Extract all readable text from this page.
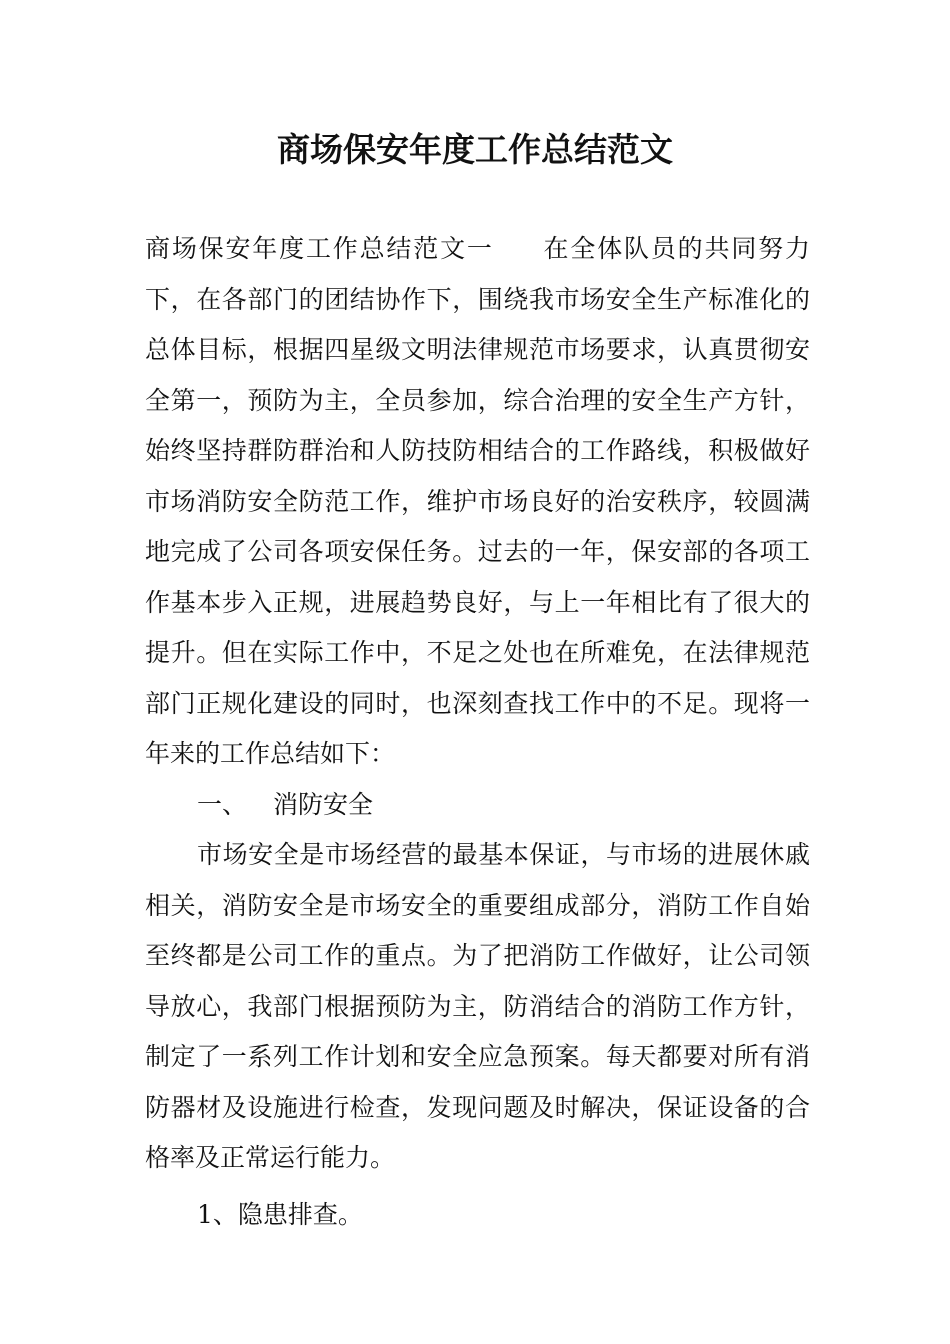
商场保安年度工作总结范文

商场保安年度工作总结范文一 在全体队员的共同努力下，在各部门的团结协作下，围绕我市场安全生产标准化的总体目标，根据四星级文明法律规范市场要求，认真贯彻安全第一，预防为主，全员参加，综合治理的安全生产方针，始终坚持群防群治和人防技防相结合的工作路线，积极做好市场消防安全防范工作，维护市场良好的治安秩序，较圆满地完成了公司各项安保任务。过去的一年，保安部的各项工作基本步入正规，进展趋势良好，与上一年相比有了很大的提升。但在实际工作中，不足之处也在所难免，在法律规范部门正规化建设的同时，也深刻查找工作中的不足。现将一年来的工作总结如下：

一、 消防安全

市场安全是市场经营的最基本保证，与市场的进展休戚相关，消防安全是市场安全的重要组成部分，消防工作自始至终都是公司工作的重点。为了把消防工作做好，让公司领导放心，我部门根据预防为主，防消结合的消防工作方针，制定了一系列工作计划和安全应急预案。每天都要对所有消防器材及设施进行检查，发现问题及时解决，保证设备的合格率及正常运行能力。

1、隐患排查。
